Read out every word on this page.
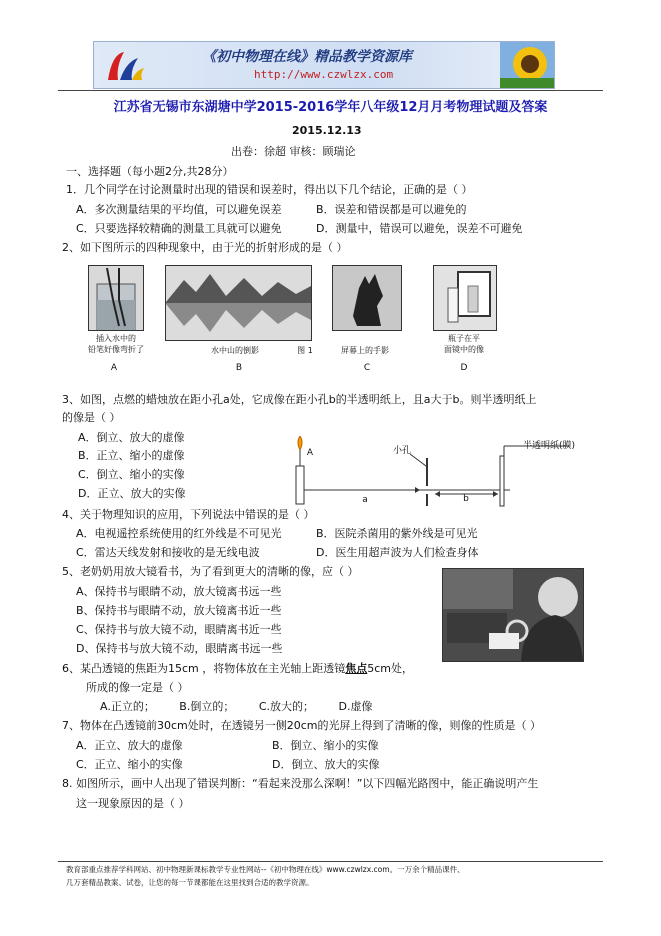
《初中物理在线》精品教学资源库
http://www.czwlzx.com
江苏省无锡市东湖塘中学2015-2016学年八年级12月月考物理试题及答案
2015.12.13
出卷：徐超 审核：顾瑞论
一、选择题（每小题2分,共28分）
1．几个同学在讨论测量时出现的错误和误差时，得出以下几个结论，正确的是（ ）
A．多次测量结果的平均值，可以避免误差	B．误差和错误都是可以避免的
C．只要选择较精确的测量工具就可以避免	D．测量中，错误可以避免，误差不可避免
2、如下图所示的四种现象中，由于光的折射形成的是（ ）
插入水中的
铅笔好像弯折了	水中山的倒影	图 1	屏幕上的手影
瓶子在平
面镜中的像
A	B	C	D
3、如图，点燃的蜡烛放在距小孔a处，它成像在距小孔b的半透明纸上，且a大于b。则半透明纸上
的像是（ ）
A．倒立、放大的虚像
B．正立、缩小的虚像
C．倒立、缩小的实像
D．正立、放大的实像
A	小孔	半透明纸(膜)
a	b
4、关于物理知识的应用，下列说法中错误的是（ ）
A．电视遥控系统使用的红外线是不可见光	B．医院杀菌用的紫外线是可见光
C．雷达天线发射和接收的是无线电波	D．医生用超声波为人们检查身体
5、老奶奶用放大镜看书，为了看到更大的清晰的像，应（ ）
A、保持书与眼睛不动，放大镜离书远一些
B、保持书与眼睛不动，放大镜离书近一些
C、保持书与放大镜不动，眼睛离书近一些
D、保持书与放大镜不动，眼睛离书远一些
6、某凸透镜的焦距为15cm ，将物体放在主光轴上距透镜焦点5cm处，
所成的像一定是（ ）
A.正立的；       B.倒立的；       C.放大的；       D.虚像
7、物体在凸透镜前30cm处时，在透镜另一侧20cm的光屏上得到了清晰的像，则像的性质是（ ）
A．正立、放大的虚像	B．倒立、缩小的实像
C．正立、缩小的实像	D．倒立、放大的实像
8. 如图所示，画中人出现了错误判断：“看起来没那么深啊！”以下四幅光路图中，能正确说明产生
这一现象原因的是（ ）
教育部重点推荐学科网站、初中物理新课标教学专业性网站--《初中物理在线》www.czwlzx.com。一万余个精品课件、
几万套精品教案、试卷，让您的每一节课都能在这里找到合适的教学资源。
